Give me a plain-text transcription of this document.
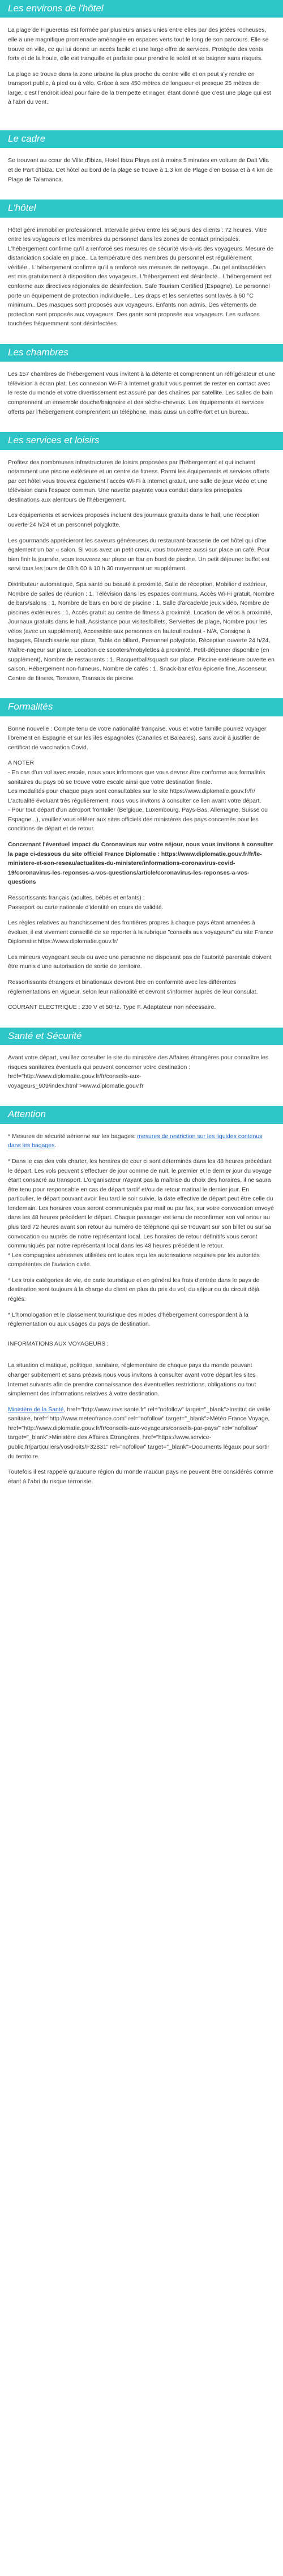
Les environs de l'hôtel

La plage de Figueretas est formée par plusieurs anses unies entre elles par des jetées rocheuses, elle a une magnifique promenade aménagée en espaces verts tout le long de son parcours. Elle se trouve en ville, ce qui lui donne un accès facile et une large offre de services. Protégée des vents forts et de la houle, elle est tranquille et parfaite pour prendre le soleil et se baigner sans risques.

La plage se trouve dans la zone urbaine la plus proche du centre ville et on peut s'y rendre en transport public, à pied ou à vélo. Grâce à ses 450 mètres de longueur et presque 25 mètres de large, c'est l'endroit idéal pour faire de la trempette et nager, étant donné que c'est une plage qui est à l'abri du vent.

Le cadre

Se trouvant au cœur de Ville d'Ibiza, Hotel Ibiza Playa est à moins 5 minutes en voiture de Dalt Vila et de Part d'Ibiza. Cet hôtel au bord de la plage se trouve à 1,3 km de Plage d'en Bossa et à 4 km de Plage de Talamanca.

L'hôtel

Hôtel géré immobilier professionnel. Intervalle prévu entre les séjours des clients : 72 heures. Vitre entre les voyageurs et les membres du personnel dans les zones de contact principales. L'hébergement confirme qu'il a renforcé ses mesures de sécurité vis-à-vis des voyageurs. Mesure de distanciation sociale en place.. La température des membres du personnel est régulièrement vérifiée.. L'hébergement confirme qu'il a renforcé ses mesures de nettoyage.. Du gel antibactérien est mis gratuitement à disposition des voyageurs. L'hébergement est désinfecté.. L'hébergement est conforme aux directives régionales de désinfection. Safe Tourism Certified (Espagne). Le personnel porte un équipement de protection individuelle.. Les draps et les serviettes sont lavés à 60 °C minimum.. Des masques sont proposés aux voyageurs. Enfants non admis. Des vêtements de protection sont proposés aux voyageurs. Des gants sont proposés aux voyageurs. Les surfaces touchées fréquemment sont désinfectées.

Les chambres

Les 157 chambres de l'hébergement vous invitent à la détente et comprennent un réfrigérateur et une télévision à écran plat. Les connexion Wi-Fi à Internet gratuit vous permet de rester en contact avec le reste du monde et votre divertissement est assuré par des chaînes par satellite. Les salles de bain comprennent un ensemble douche/baignoire et des sèche-cheveux. Les équipements et services offerts par l'hébergement comprennent un téléphone, mais aussi un coffre-fort et un bureau.

Les services et loisirs

Profitez des nombreuses infrastructures de loisirs proposées par l'hébergement et qui incluent notamment une piscine extérieure et un centre de fitness. Parmi les équipements et services offerts par cet hôtel vous trouvez également l'accès Wi-Fi à Internet gratuit, une salle de jeux vidéo et une télévision dans l'espace commun. Une navette payante vous conduit dans les principales destinations aux alentours de l'hébergement.

Les équipements et services proposés incluent des journaux gratuits dans le hall, une réception ouverte 24 h/24 et un personnel polyglotte.

Les gourmands apprécieront les saveurs généreuses du restaurant-brasserie de cet hôtel qui dîne également un bar « salon. Si vous avez un petit creux, vous trouverez aussi sur place un café. Pour bien finir la journée, vous trouverez sur place un bar en bord de piscine. Un petit déjeuner buffet est servi tous les jours de 08 h 00 à 10 h 30 moyennant un supplément.

Distributeur automatique, Spa santé ou beauté à proximité, Salle de réception, Mobilier d'extérieur, Nombre de salles de réunion : 1, Télévision dans les espaces communs, Accès Wi-Fi gratuit, Nombre de bars/salons : 1, Nombre de bars en bord de piscine : 1, Salle d'arcade/de jeux vidéo, Nombre de piscines extérieures : 1, Accès gratuit au centre de fitness à proximité, Location de vélos à proximité, Journaux gratuits dans le hall, Assistance pour visites/billets, Serviettes de plage, Nombre pour les vélos (avec un supplément), Accessible aux personnes en fauteuil roulant - N/A, Consigne à bagages, Blanchisserie sur place, Table de billard, Personnel polyglotte, Réception ouverte 24 h/24, Maître-nageur sur place, Location de scooters/mobylettes à proximité, Petit-déjeuner disponible (en supplément), Nombre de restaurants : 1, Racquetball/squash sur place, Piscine extérieure ouverte en saison, Hébergement non-fumeurs, Nombre de cafés : 1, Snack-bar et/ou épicerie fine, Ascenseur, Centre de fitness, Terrasse, Transats de piscine

Formalités

Bonne nouvelle : Compte tenu de votre nationalité française, vous et votre famille pourrez voyager librement en Espagne et sur les îles espagnoles (Canaries et Baléares), sans avoir à justifier de certificat de vaccination Covid.

A NOTER
- En cas d'un vol avec escale, nous vous informons que vous devrez être conforme aux formalités sanitaires du pays où se trouve votre escale ainsi que votre destination finale.
Les modalités pour chaque pays sont consultables sur le site https://www.diplomatie.gouv.fr/fr/ L'actualité évoluant très régulièrement, nous vous invitons à consulter ce lien avant votre départ.
- Pour tout départ d'un aéroport frontalier (Belgique, Luxembourg, Pays-Bas, Allemagne, Suisse ou Espagne...), veuillez vous référer aux sites officiels des ministères des pays concernés pour les conditions de départ et de retour.

Concernant l'éventuel impact du Coronavirus sur votre séjour, nous vous invitons à consulter la page ci-dessous du site officiel France Diplomatie : https://www.diplomatie.gouv.fr/fr/le-ministere-et-son-reseau/actualites-du-ministere/informations-coronavirus-covid-19/coronavirus-les-reponses-a-vos-questions/article/coronavirus-les-reponses-a-vos-questions

Ressortissants français (adultes, bébés et enfants) :
Passeport ou carte nationale d'identité en cours de validité.

Les règles relatives au franchissement des frontières propres à chaque pays étant amenées à évoluer, il est vivement conseillé de se reporter à la rubrique "conseils aux voyageurs" du site France Diplomatie:https://www.diplomatie.gouv.fr/

Les mineurs voyageant seuls ou avec une personne ne disposant pas de l'autorité parentale doivent être munis d'une autorisation de sortie de territoire.

Ressortissants étrangers et binationaux devront être en conformité avec les différentes réglementations en vigueur, selon leur nationalité et devront s'informer auprès de leur consulat.

COURANT ÉLECTRIQUE : 230 V et 50Hz. Type F. Adaptateur non nécessaire.

Santé et Sécurité

Avant votre départ, veuillez consulter le site du ministère des Affaires étrangères pour connaître les risques sanitaires éventuels qui peuvent concerner votre destination : href="http://www.diplomatie.gouv.fr/fr/conseils-aux-voyageurs_909/index.html">www.diplomatie.gouv.fr

Attention

* Mesures de sécurité aérienne sur les bagages: mesures de restriction sur les liquides contenus dans les bagages.

* Dans le cas des vols charter, les horaires de cour ci sont déterminés dans les 48 heures précédant le départ. Les vols peuvent s'effectuer de jour comme de nuit, le premier et le dernier jour du voyage étant consacré au transport. L'organisateur n'ayant pas la maîtrise du choix des horaires, il ne saura être tenu pour responsable en cas de départ tardif et/ou de retour matinal le dernier jour. En particulier, le départ pouvant avoir lieu tard le soir suivie, la date effective de départ peut être celle du lendemain. Les horaires vous seront communiqués par mail ou par fax, sur votre convocation envoyé dans les 48 heures précédent le départ. Chaque passager est tenu de reconfirmer son vol retour au plus tard 72 heures avant son retour au numéro de téléphone qui se trouvant sur son billet ou sur sa convocation ou auprès de notre représentant local. Les horaires de retour définitifs vous seront communiqués par notre représentant local dans les 48 heures précédent le retour.
* Les compagnies aériennes utilisées ont toutes reçu les autorisations requises par les autorités compétentes de l'aviation civile.

* Les trois catégories de vie, de carte touristique et en général les frais d'entrée dans le pays de destination sont toujours à la charge du client en plus du prix du vol, du séjour ou du circuit déjà réglés.

* L'homologation et le classement touristique des modes d'hébergement correspondent à la réglementation ou aux usages du pays de destination.

INFORMATIONS AUX VOYAGEURS :

La situation climatique, politique, sanitaire, réglementaire de chaque pays du monde pouvant changer subitement et sans préavis nous vous invitons à consulter avant votre départ les sites Internet suivants afin de prendre connaissance des éventuelles restrictions, obligations ou tout simplement des informations relatives à votre destination.

Ministère de la Santé, href="http://www.invs.sante.fr" rel="nofollow" target="_blank">Institut de veille sanitaire, href="http://www.meteofrance.com" rel="nofollow" target="_blank">Météo France Voyage, href="http://www.diplomatie.gouv.fr/fr/conseils-aux-voyageurs/conseils-par-pays/" rel="nofollow" target="_blank">Ministère des Affaires Étrangères, href="https://www.service-public.fr/particuliers/vosdroits/F32831" rel="nofollow" target="_blank">Documents légaux pour sortir du territoire.

Toutefois il est rappelé qu'aucune région du monde n'aucun pays ne peuvent être considérés comme étant à l'abri du risque terroriste.
